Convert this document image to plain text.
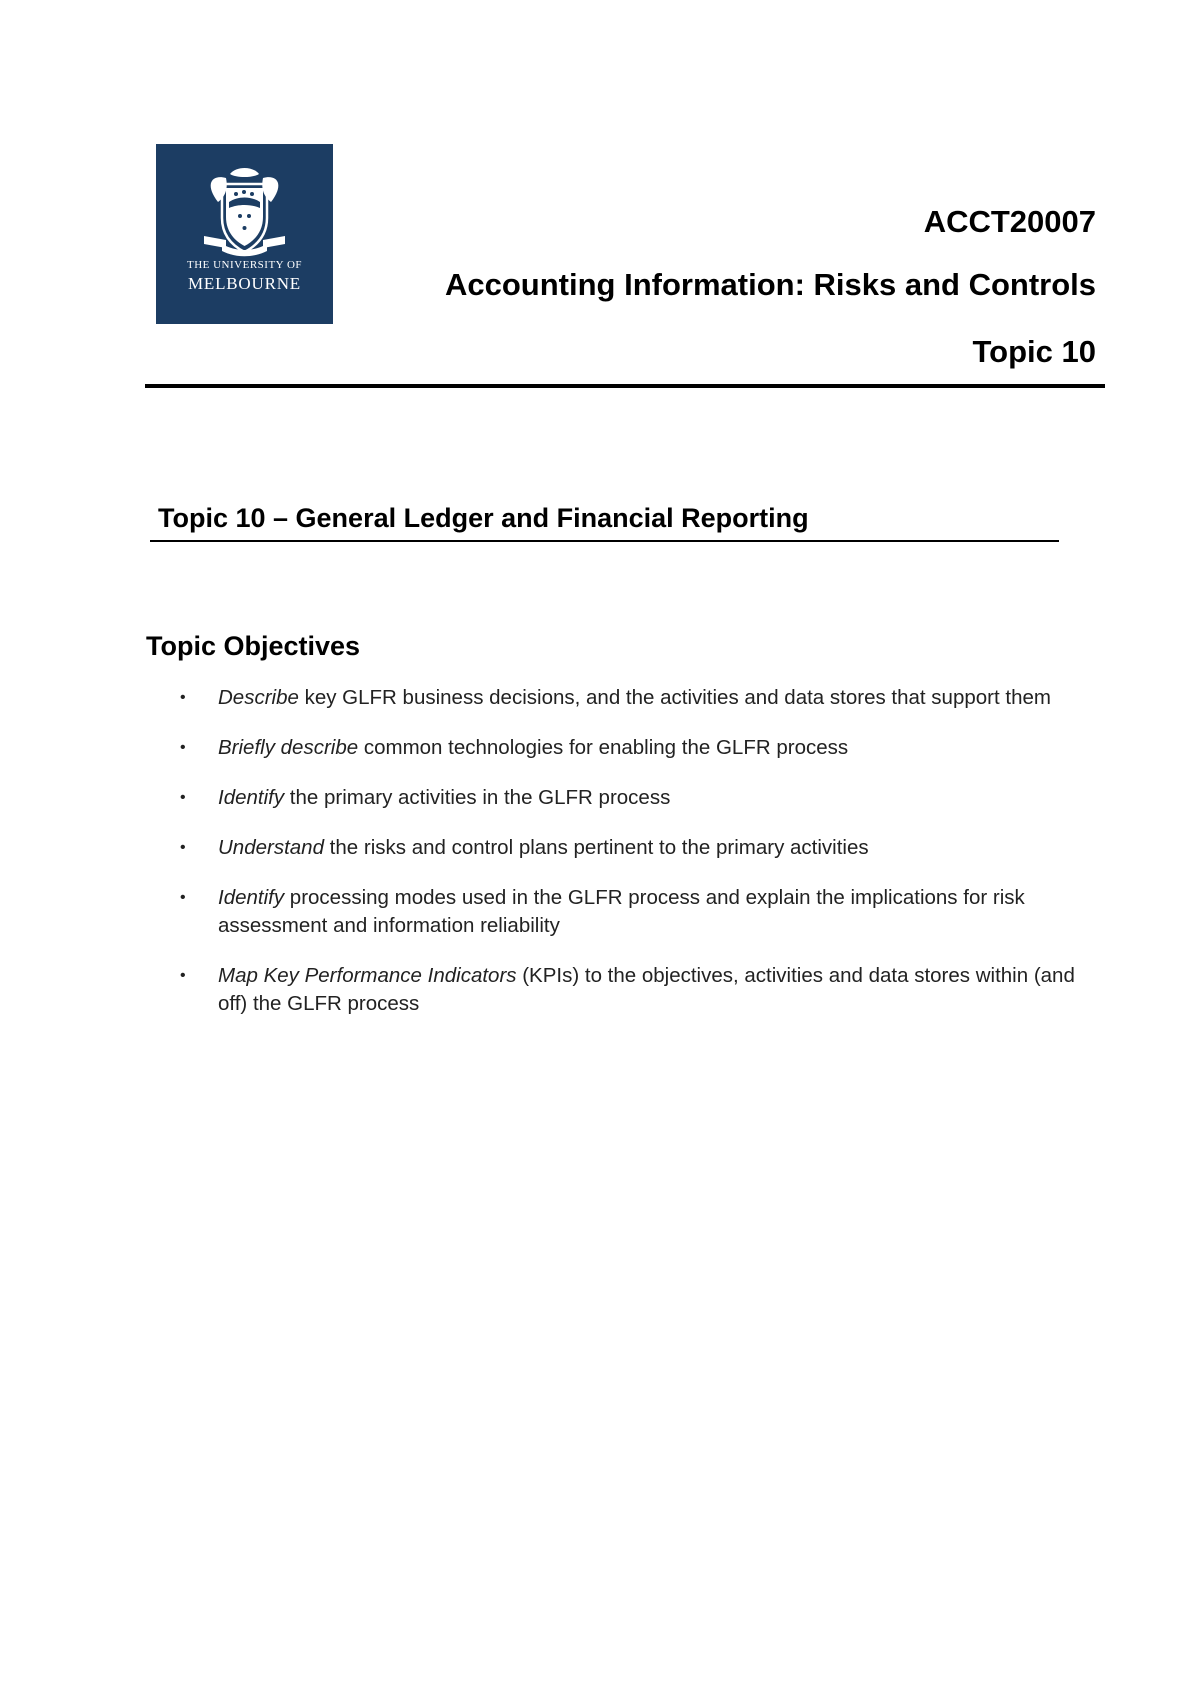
THE UNIVERSITY OF
MELBOURNE
ACCT20007
Accounting Information: Risks and Controls
Topic 10
Topic 10 – General Ledger and Financial Reporting
Topic Objectives
• Describe key GLFR business decisions, and the activities and data stores that support them
• Briefly describe common technologies for enabling the GLFR process
• Identify the primary activities in the GLFR process
• Understand the risks and control plans pertinent to the primary activities
• Identify processing modes used in the GLFR process and explain the implications for risk assessment and information reliability
• Map Key Performance Indicators (KPIs) to the objectives, activities and data stores within (and off) the GLFR process
